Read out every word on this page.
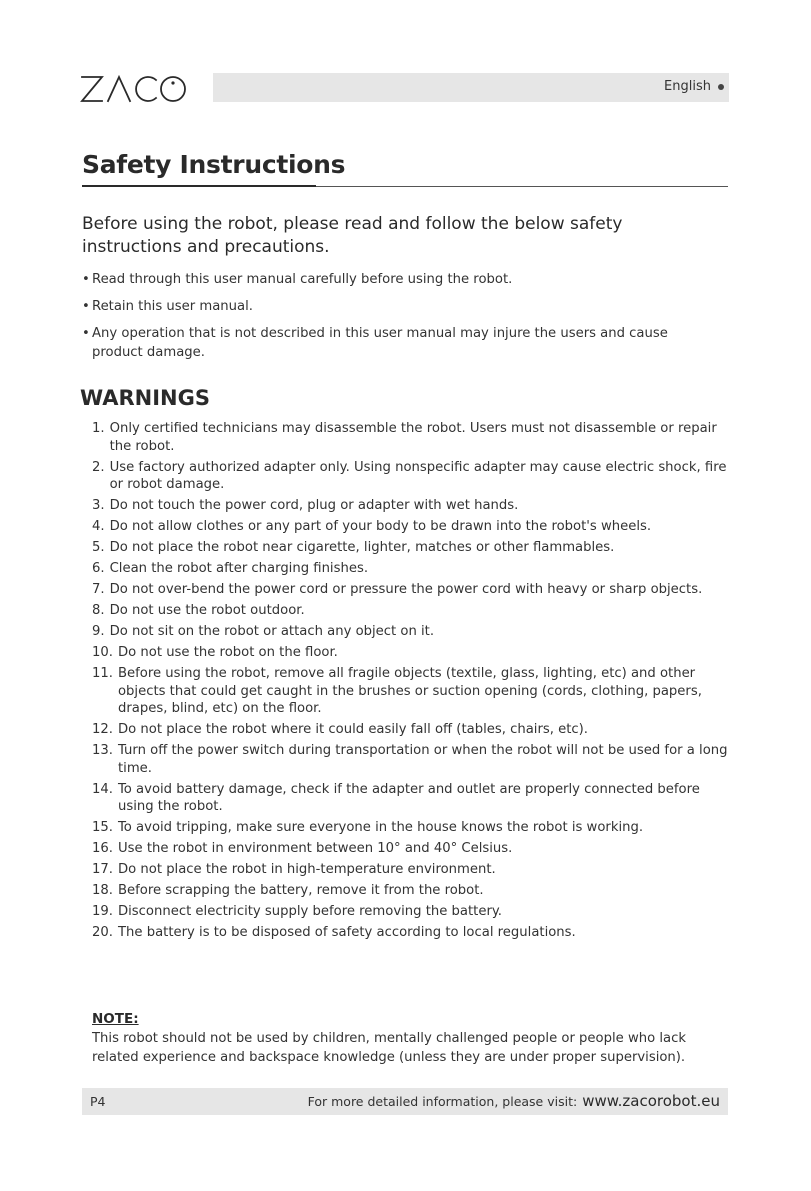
English
Safety Instructions

Before using the robot, please read and follow the below safety instructions and precautions.

• Read through this user manual carefully before using the robot.
• Retain this user manual.
• Any operation that is not described in this user manual may injure the users and cause product damage.
WARNINGS
1. Only certified technicians may disassemble the robot. Users must not disassemble or repair the robot.
2. Use factory authorized adapter only. Using nonspecific adapter may cause electric shock, fire or robot damage.
3. Do not touch the power cord, plug or adapter with wet hands.
4. Do not allow clothes or any part of your body to be drawn into the robot's wheels.
5. Do not place the robot near cigarette, lighter, matches or other flammables.
6. Clean the robot after charging finishes.
7. Do not over-bend the power cord or pressure the power cord with heavy or sharp objects.
8. Do not use the robot outdoor.
9. Do not sit on the robot or attach any object on it.
10. Do not use the robot on the floor.
11. Before using the robot, remove all fragile objects (textile, glass, lighting, etc) and other objects that could get caught in the brushes or suction opening (cords, clothing, papers, drapes, blind, etc) on the floor.
12. Do not place the robot where it could easily fall off (tables, chairs, etc).
13. Turn off the power switch during transportation or when the robot will not be used for a long time.
14. To avoid battery damage, check if the adapter and outlet are properly connected before using the robot.
15. To avoid tripping, make sure everyone in the house knows the robot is working.
16. Use the robot in environment between 10° and 40° Celsius.
17. Do not place the robot in high-temperature environment.
18. Before scrapping the battery, remove it from the robot.
19. Disconnect electricity supply before removing the battery.
20. The battery is to be disposed of safety according to local regulations.
NOTE:

This robot should not be used by children, mentally challenged people or people who lack related experience and backspace knowledge (unless they are under proper supervision).

P4	For more detailed information, please visit: www.zacorobot.eu
